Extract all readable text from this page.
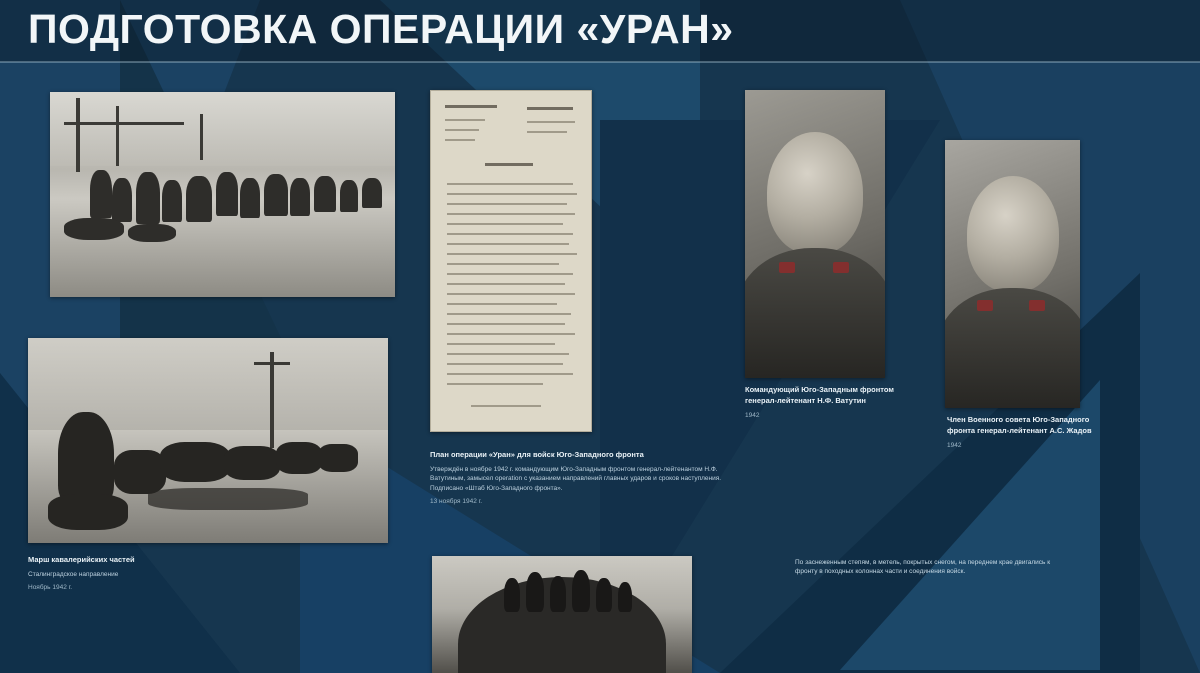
ПОДГОТОВКА ОПЕРАЦИИ «УРАН»
План операции «Уран» для войск Юго-Западного фронта
Утверждён в ноябре 1942 г. командующим Юго-Западным фронтом генерал-лейтенантом Н.Ф. Ватутиным, замысел operation с указанием направлений главных ударов и сроков наступления. Подписано «Штаб Юго-Западного фронта».
13 ноября 1942 г.
Марш кавалерийских частей
Сталинградское направление
Ноябрь 1942 г.
Командующий Юго-Западным фронтом генерал-лейтенант Н.Ф. Ватутин
1942	Член Военного совета Юго-Западного фронта генерал-лейтенант А.С. Жадов
1942
По заснеженным степям, в метель, покрытых снегом, на переднем крае двигались к фронту в походных колоннах части и соединения войск.
